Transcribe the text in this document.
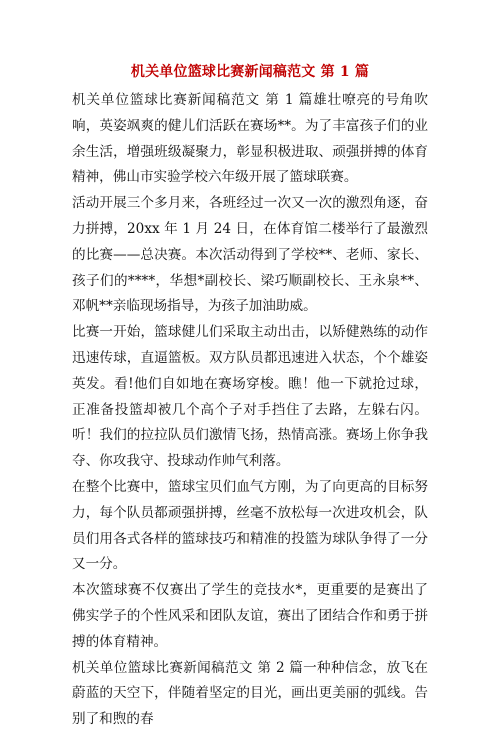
机关单位篮球比赛新闻稿范文 第 1 篇

机关单位篮球比赛新闻稿范文 第 1 篇雄壮嘹亮的号角吹响，英姿飒爽的健儿们活跃在赛场**。为了丰富孩子们的业余生活，增强班级凝聚力，彰显积极进取、顽强拼搏的体育精神，佛山市实验学校六年级开展了篮球联赛。

活动开展三个多月来，各班经过一次又一次的激烈角逐，奋力拼搏，20xx 年 1 月 24 日，在体育馆二楼举行了最激烈的比赛——总决赛。本次活动得到了学校**、老师、家长、孩子们的****，华想*副校长、梁巧顺副校长、王永泉**、邓帆**亲临现场指导，为孩子加油助威。

比赛一开始，篮球健儿们采取主动出击，以矫健熟练的动作迅速传球，直逼篮板。双方队员都迅速进入状态，个个雄姿英发。看!他们自如地在赛场穿梭。瞧！他一下就抢过球，正准备投篮却被几个高个子对手挡住了去路，左躲右闪。听！我们的拉拉队员们激情飞扬，热情高涨。赛场上你争我夺、你攻我守、投球动作帅气利落。

在整个比赛中，篮球宝贝们血气方刚，为了向更高的目标努力，每个队员都顽强拼搏，丝毫不放松每一次进攻机会，队员们用各式各样的篮球技巧和精准的投篮为球队争得了一分又一分。

本次篮球赛不仅赛出了学生的竞技水*，更重要的是赛出了佛实学子的个性风采和团队友谊，赛出了团结合作和勇于拼搏的体育精神。

机关单位篮球比赛新闻稿范文 第 2 篇一种种信念，放飞在蔚蓝的天空下，伴随着坚定的目光，画出更美丽的弧线。告别了和煦的春
